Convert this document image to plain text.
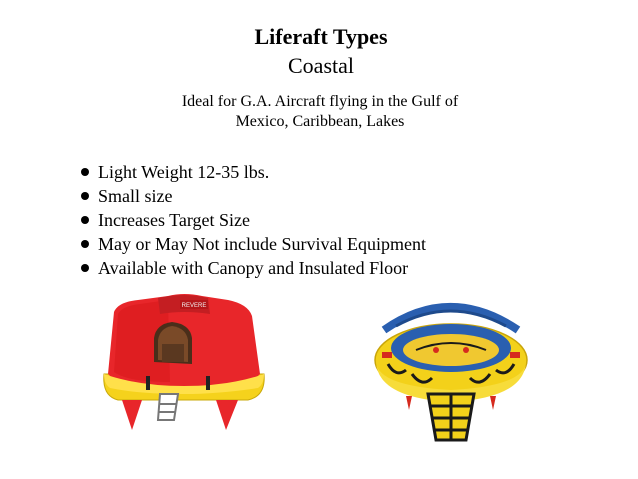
Liferaft Types
Coastal
Ideal for G.A. Aircraft flying in the Gulf of
Mexico, Caribbean, Lakes
Light Weight 12-35 lbs.
Small size
Increases Target Size
May or May Not include Survival Equipment
Available with Canopy and Insulated Floor
REVERE
